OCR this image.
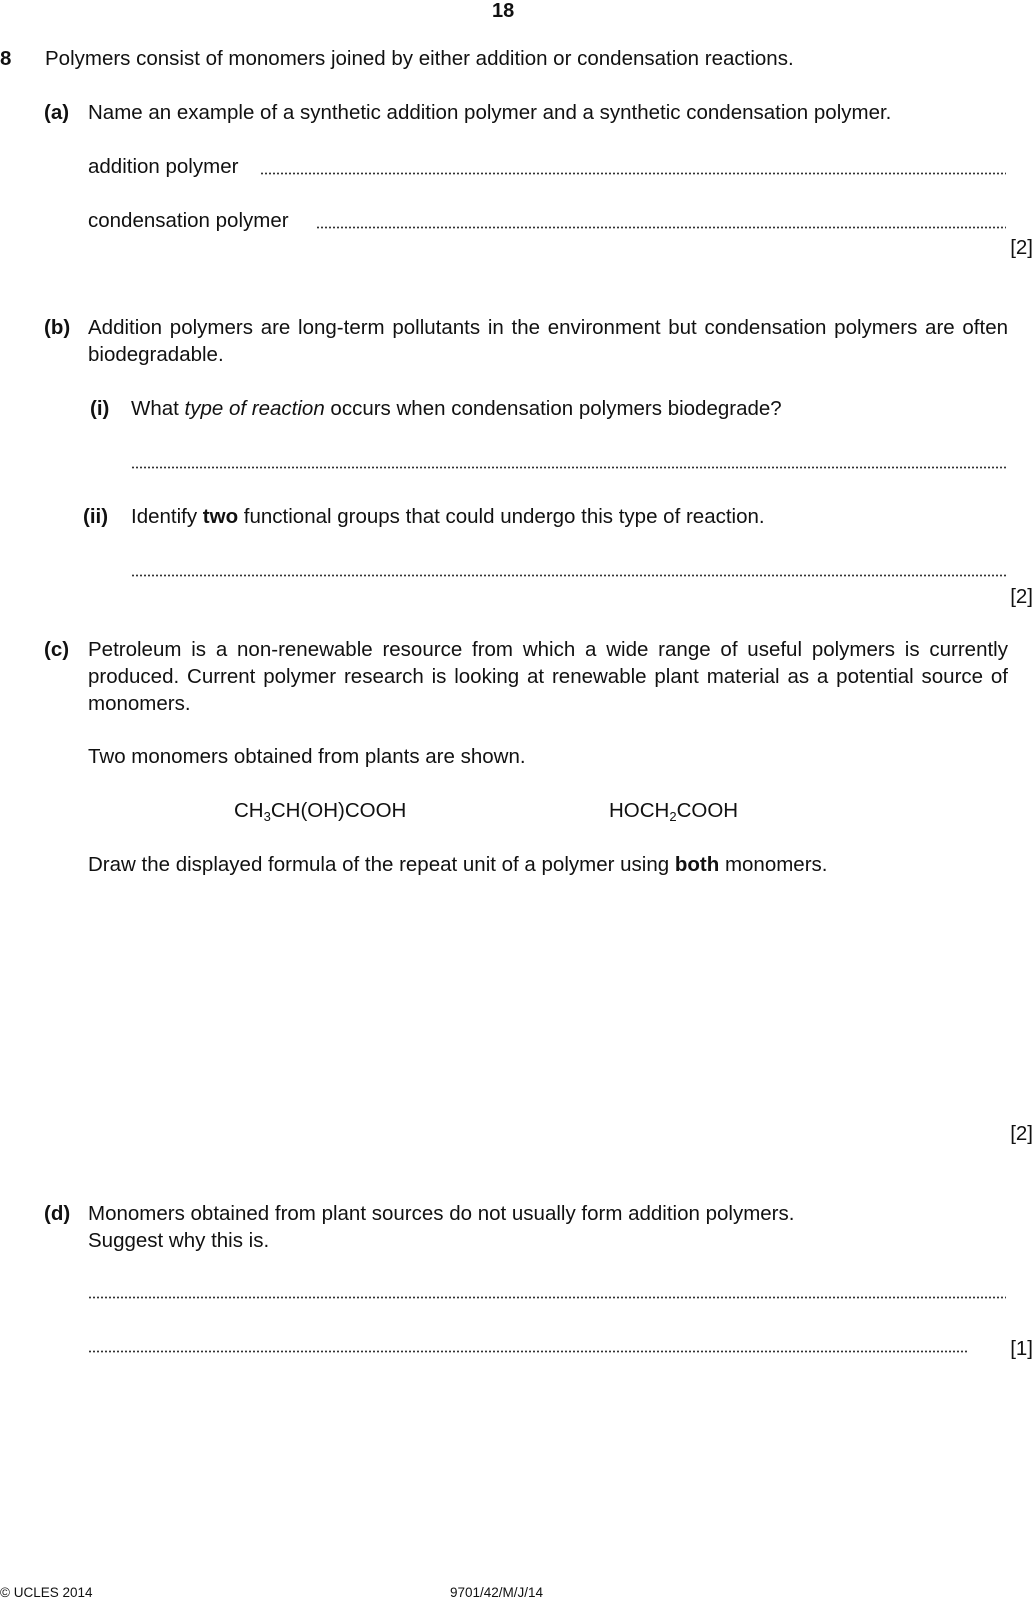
18
8 Polymers consist of monomers joined by either addition or condensation reactions.
(a) Name an example of a synthetic addition polymer and a synthetic condensation polymer.
addition polymer
condensation polymer
[2]
(b) Addition polymers are long-term pollutants in the environment but condensation polymers are often biodegradable.
(i) What type of reaction occurs when condensation polymers biodegrade?
(ii) Identify two functional groups that could undergo this type of reaction.
[2]
(c) Petroleum is a non-renewable resource from which a wide range of useful polymers is currently produced. Current polymer research is looking at renewable plant material as a potential source of monomers.
Two monomers obtained from plants are shown.
$CH_3CH(OH)COOH$	$HOCH_2COOH$
Draw the displayed formula of the repeat unit of a polymer using both monomers.
[2]
(d) Monomers obtained from plant sources do not usually form addition polymers.
Suggest why this is.
[1]
© UCLES 2014	9701/42/M/J/14
